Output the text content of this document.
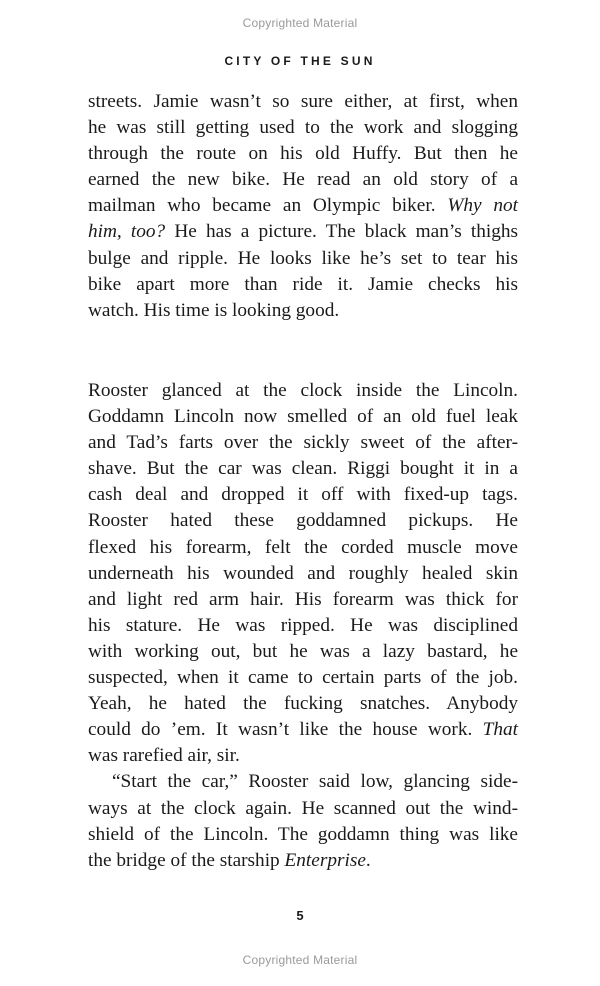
Copyrighted Material
CITY OF THE SUN
streets. Jamie wasn’t so sure either, at first, when
he was still getting used to the work and slogging
through the route on his old Huffy. But then he
earned the new bike. He read an old story of a
mailman who became an Olympic biker. Why not
him, too? He has a picture. The black man’s thighs
bulge and ripple. He looks like he’s set to tear his
bike apart more than ride it. Jamie checks his
watch. His time is looking good.
Rooster glanced at the clock inside the Lincoln.
Goddamn Lincoln now smelled of an old fuel leak
and Tad’s farts over the sickly sweet of the after-
shave. But the car was clean. Riggi bought it in a
cash deal and dropped it off with fixed-up tags.
Rooster hated these goddamned pickups. He
flexed his forearm, felt the corded muscle move
underneath his wounded and roughly healed skin
and light red arm hair. His forearm was thick for
his stature. He was ripped. He was disciplined
with working out, but he was a lazy bastard, he
suspected, when it came to certain parts of the job.
Yeah, he hated the fucking snatches. Anybody
could do ’em. It wasn’t like the house work. That
was rarefied air, sir.
“Start the car,” Rooster said low, glancing side-
ways at the clock again. He scanned out the wind-
shield of the Lincoln. The goddamn thing was like
the bridge of the starship Enterprise.
5
Copyrighted Material
